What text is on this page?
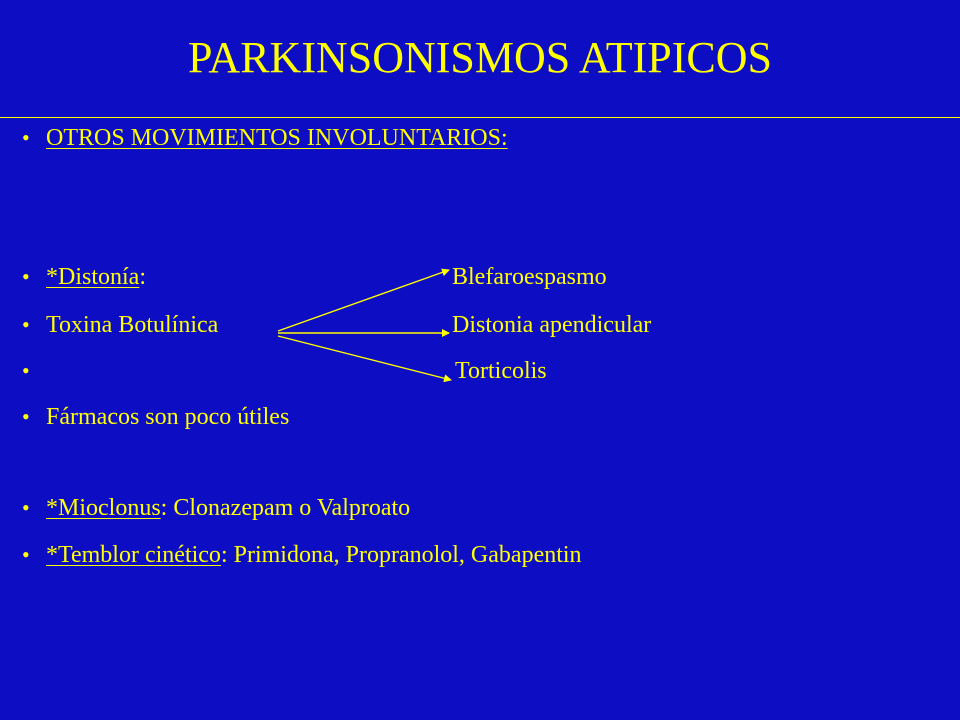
PARKINSONISMOS ATIPICOS
• OTROS MOVIMIENTOS INVOLUNTARIOS:
• *Distonía:	Blefaroespasmo
• Toxina Botulínica	Distonia apendicular
•	Torticolis
• Fármacos son poco útiles
• *Mioclonus: Clonazepam o Valproato
• *Temblor cinético: Primidona, Propranolol, Gabapentin
